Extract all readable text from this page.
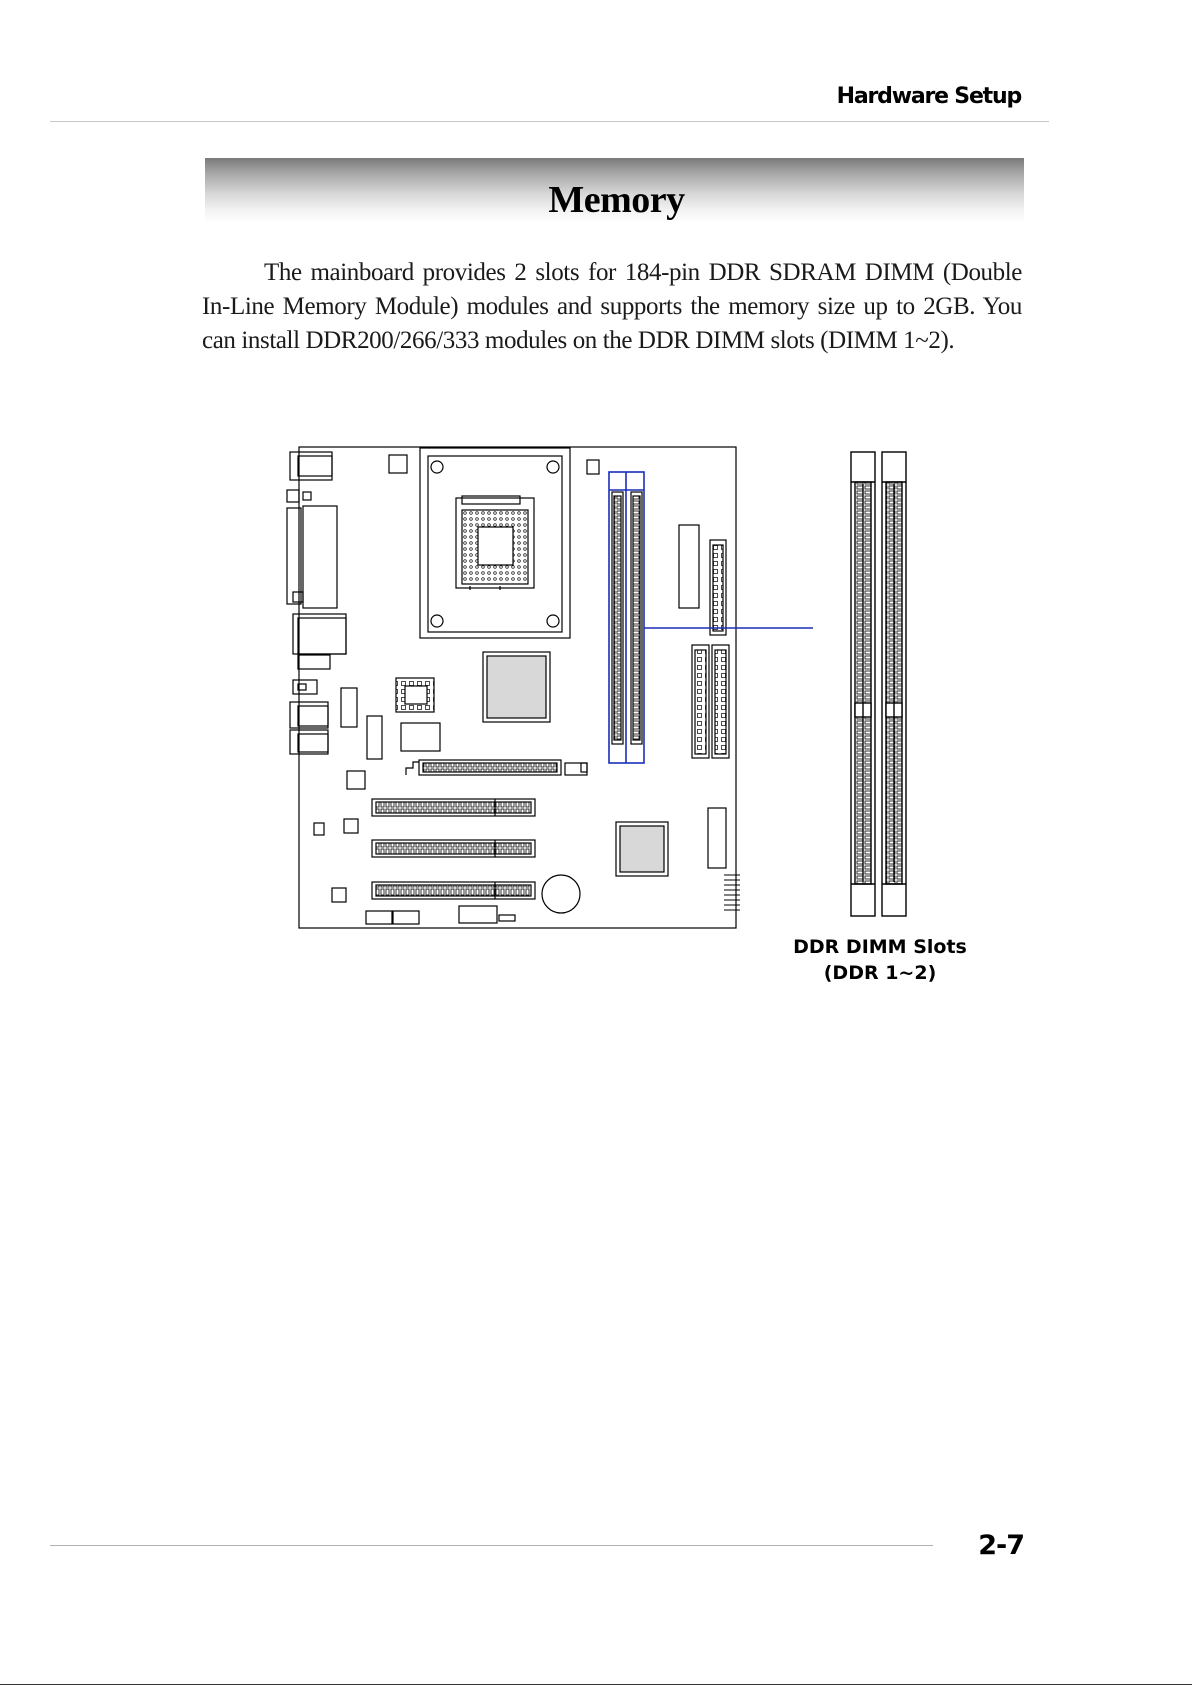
Hardware Setup
Memory

The mainboard provides 2 slots for 184-pin DDR SDRAM DIMM (Double In-Line Memory Module) modules and supports the memory size up to 2GB. You can install DDR200/266/333 modules on the DDR DIMM slots (DIMM 1~2).

DDR DIMM Slots
(DDR 1~2)
2-7
